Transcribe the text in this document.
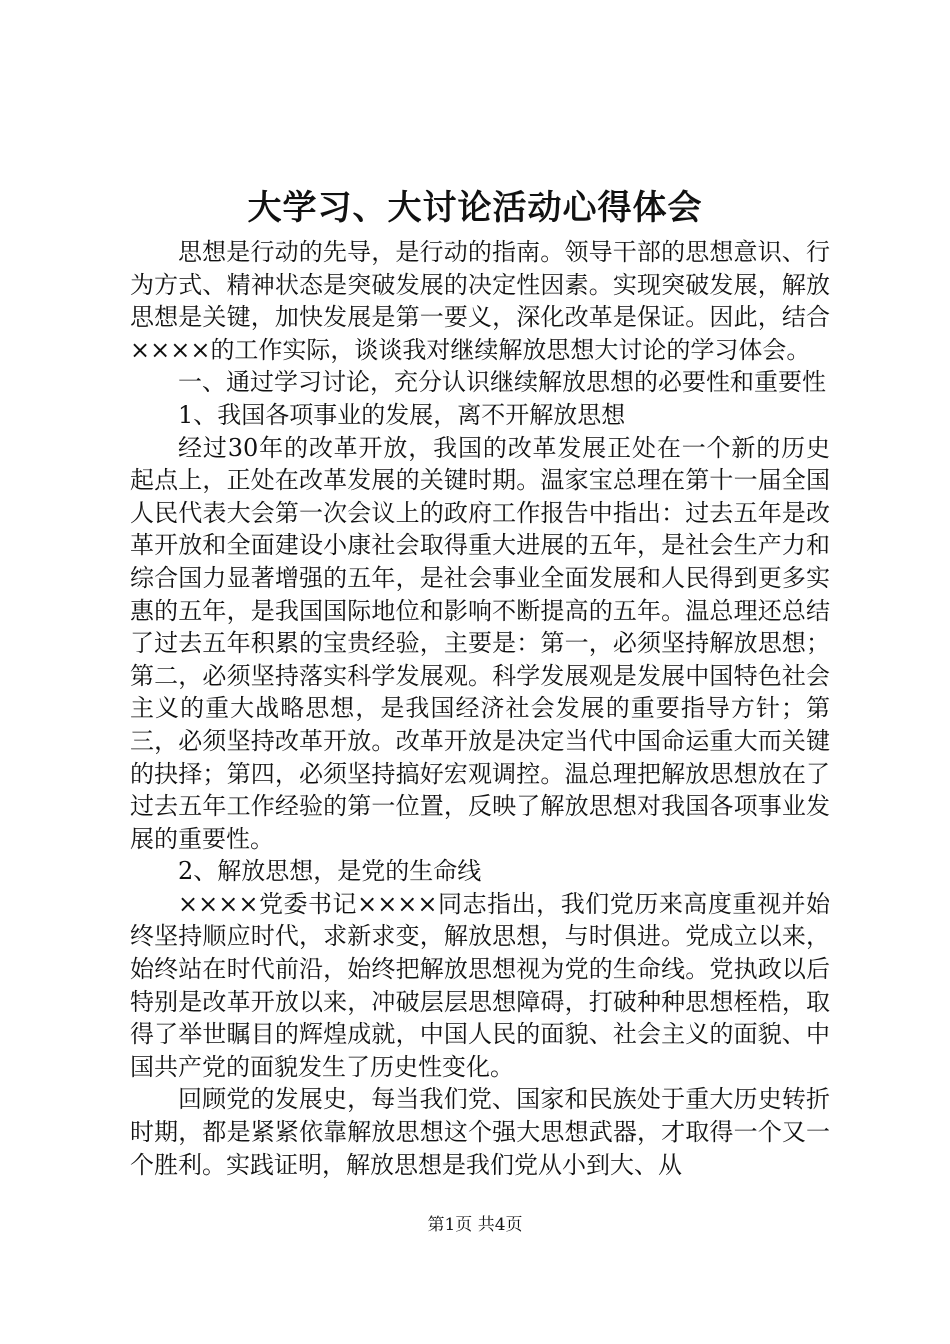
大学习、大讨论活动心得体会

思想是行动的先导，是行动的指南。领导干部的思想意识、行为方式、精神状态是突破发展的决定性因素。实现突破发展，解放思想是关键，加快发展是第一要义，深化改革是保证。因此，结合××××的工作实际，谈谈我对继续解放思想大讨论的学习体会。

一、通过学习讨论，充分认识继续解放思想的必要性和重要性

1、我国各项事业的发展，离不开解放思想

经过30年的改革开放，我国的改革发展正处在一个新的历史起点上，正处在改革发展的关键时期。温家宝总理在第十一届全国人民代表大会第一次会议上的政府工作报告中指出：过去五年是改革开放和全面建设小康社会取得重大进展的五年，是社会生产力和综合国力显著增强的五年，是社会事业全面发展和人民得到更多实惠的五年，是我国国际地位和影响不断提高的五年。温总理还总结了过去五年积累的宝贵经验，主要是：第一，必须坚持解放思想；第二，必须坚持落实科学发展观。科学发展观是发展中国特色社会主义的重大战略思想，是我国经济社会发展的重要指导方针；第三，必须坚持改革开放。改革开放是决定当代中国命运重大而关键的抉择；第四，必须坚持搞好宏观调控。温总理把解放思想放在了过去五年工作经验的第一位置，反映了解放思想对我国各项事业发展的重要性。

2、解放思想，是党的生命线

××××党委书记××××同志指出，我们党历来高度重视并始终坚持顺应时代，求新求变，解放思想，与时俱进。党成立以来，始终站在时代前沿，始终把解放思想视为党的生命线。党执政以后特别是改革开放以来，冲破层层思想障碍，打破种种思想桎梏，取得了举世瞩目的辉煌成就，中国人民的面貌、社会主义的面貌、中国共产党的面貌发生了历史性变化。

回顾党的发展史，每当我们党、国家和民族处于重大历史转折时期，都是紧紧依靠解放思想这个强大思想武器，才取得一个又一个胜利。实践证明，解放思想是我们党从小到大、从

第1页 共4页
